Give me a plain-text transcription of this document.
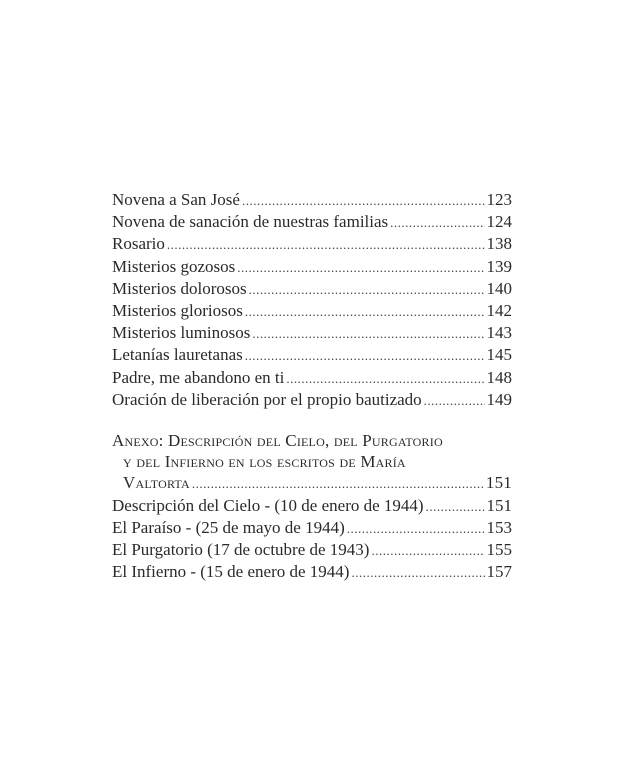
Novena a San José .....	123
Novena de sanación de nuestras familias .....	124
Rosario .....	138
Misterios gozosos .....	139
Misterios dolorosos .....	140
Misterios gloriosos .....	142
Misterios luminosos .....	143
Letanías lauretanas .....	145
Padre, me abandono en ti .....	148
Oración de liberación por el propio bautizado .....	149
Anexo: Descripción del Cielo, del Purgatorio
y del Infierno en los escritos de María
Valtorta .....	151
Descripción del Cielo - (10 de enero de 1944) .....	151
El Paraíso - (25 de mayo de 1944) .....	153
El Purgatorio (17 de octubre de 1943) .....	155
El Infierno - (15 de enero de 1944) .....	157
